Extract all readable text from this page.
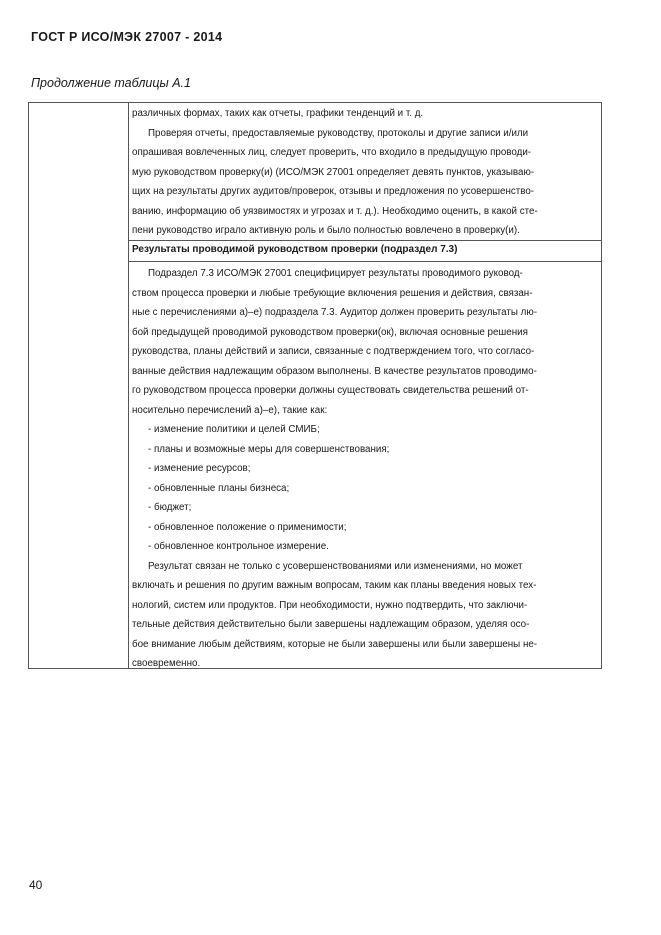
ГОСТ Р ИСО/МЭК 27007 - 2014
Продолжение таблицы А.1
различных формах, таких как отчеты, графики тенденций и т. д.
Проверяя отчеты, предоставляемые руководству, протоколы и другие записи и/или
опрашивая вовлеченных лиц, следует проверить, что входило в предыдущую проводи-
мую руководством проверку(и) (ИСО/МЭК 27001 определяет девять пунктов, указываю-
щих на результаты других аудитов/проверок, отзывы и предложения по усовершенство-
ванию, информацию об уязвимостях и угрозах и т. д.). Необходимо оценить, в какой сте-
пени руководство играло активную роль и было полностью вовлечено в проверку(и).
Результаты проводимой руководством проверки (подраздел 7.3)
Подраздел 7.3 ИСО/МЭК 27001 специфицирует результаты проводимого руковод-
ством процесса проверки и любые требующие включения решения и действия, связан-
ные с перечислениями а)–е) подраздела 7.3. Аудитор должен проверить результаты лю-
бой предыдущей проводимой руководством проверки(ок), включая основные решения
руководства, планы действий и записи, связанные с подтверждением того, что согласо-
ванные действия надлежащим образом выполнены. В качестве результатов проводимо-
го руководством процесса проверки должны существовать свидетельства решений от-
носительно перечислений а)–е), такие как:
- изменение политики и целей СМИБ;
- планы и возможные меры для совершенствования;
- изменение ресурсов;
- обновленные планы бизнеса;
- бюджет;
- обновленное положение о применимости;
- обновленное контрольное измерение.
Результат связан не только с усовершенствованиями или изменениями, но может
включать и решения по другим важным вопросам, таким как планы введения новых тех-
нологий, систем или продуктов. При необходимости, нужно подтвердить, что заключи-
тельные действия действительно были завершены надлежащим образом, уделяя осо-
бое внимание любым действиям, которые не были завершены или были завершены не-
своевременно.
40
